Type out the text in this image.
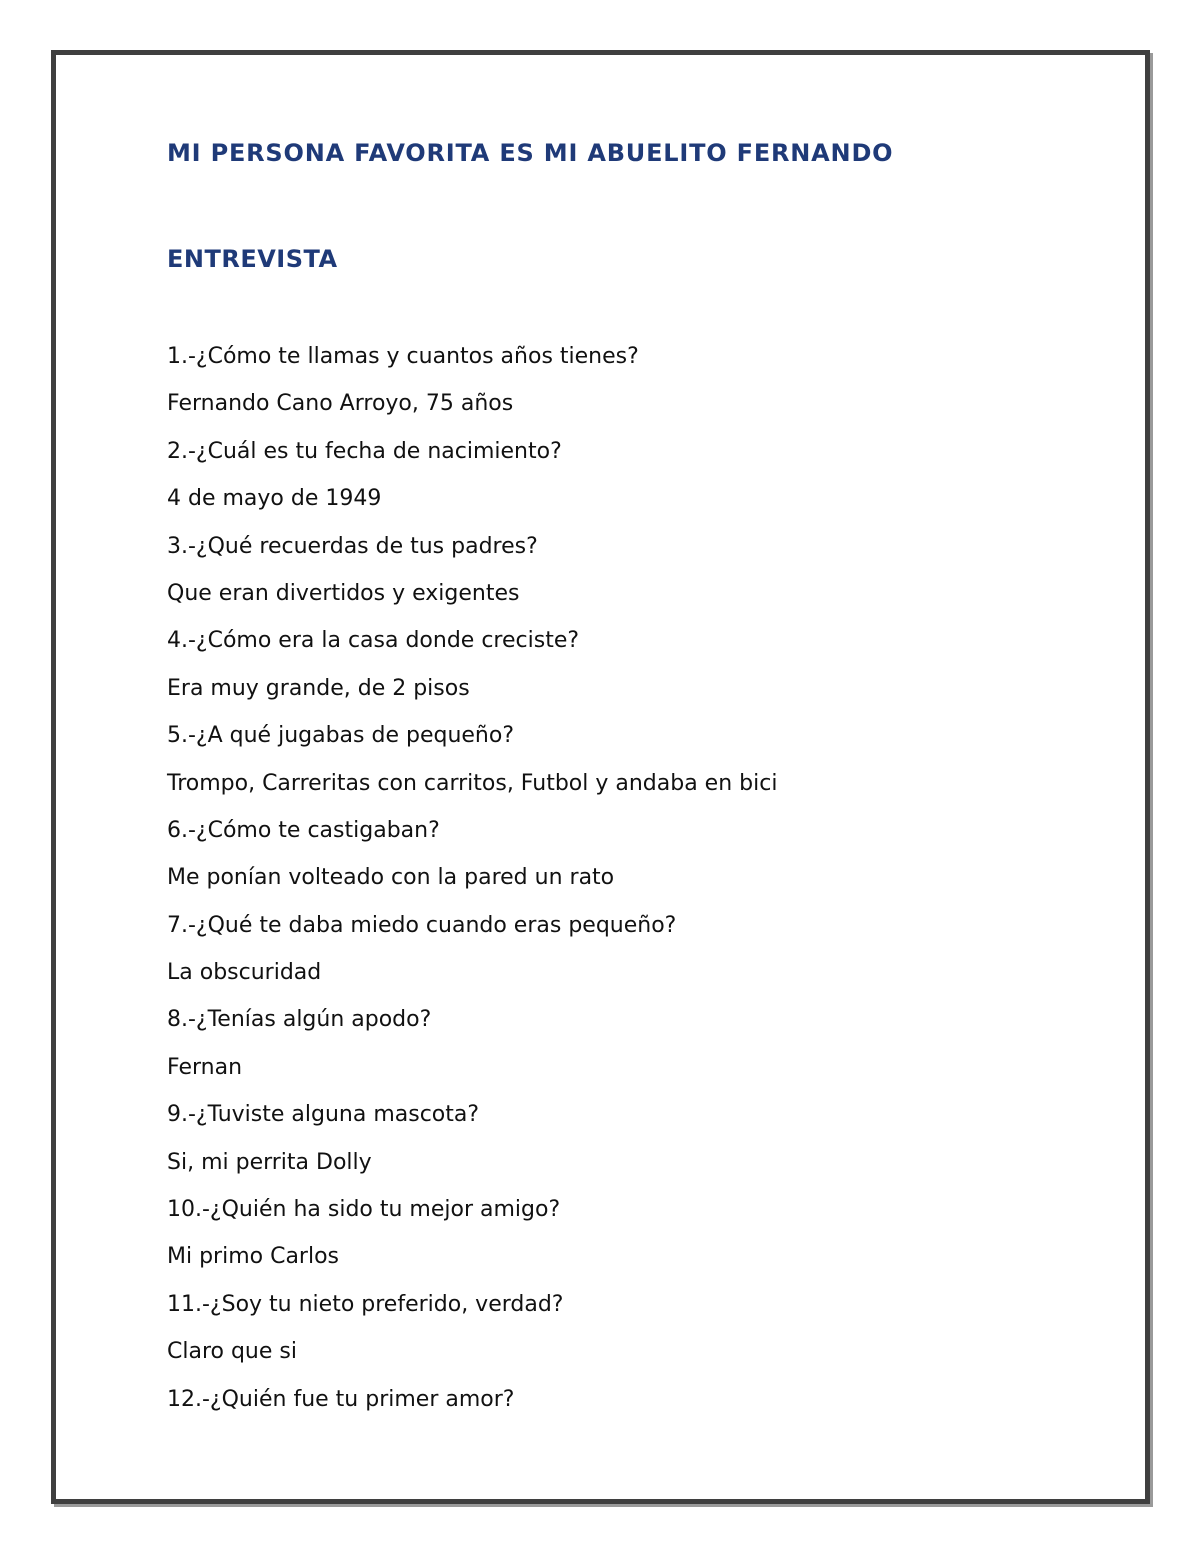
MI PERSONA FAVORITA ES MI ABUELITO FERNANDO
ENTREVISTA
1.-¿Cómo te llamas y cuantos años tienes?
Fernando Cano Arroyo, 75 años
2.-¿Cuál es tu fecha de nacimiento?
4 de mayo de 1949
3.-¿Qué recuerdas de tus padres?
Que eran divertidos y exigentes
4.-¿Cómo era la casa donde creciste?
Era muy grande, de 2 pisos
5.-¿A qué jugabas de pequeño?
Trompo, Carreritas con carritos, Futbol y andaba en bici
6.-¿Cómo te castigaban?
Me ponían volteado con la pared un rato
7.-¿Qué te daba miedo cuando eras pequeño?
La obscuridad
8.-¿Tenías algún apodo?
Fernan
9.-¿Tuviste alguna mascota?
Si, mi perrita Dolly
10.-¿Quién ha sido tu mejor amigo?
Mi primo Carlos
11.-¿Soy tu nieto preferido, verdad?
Claro que si
12.-¿Quién fue tu primer amor?
